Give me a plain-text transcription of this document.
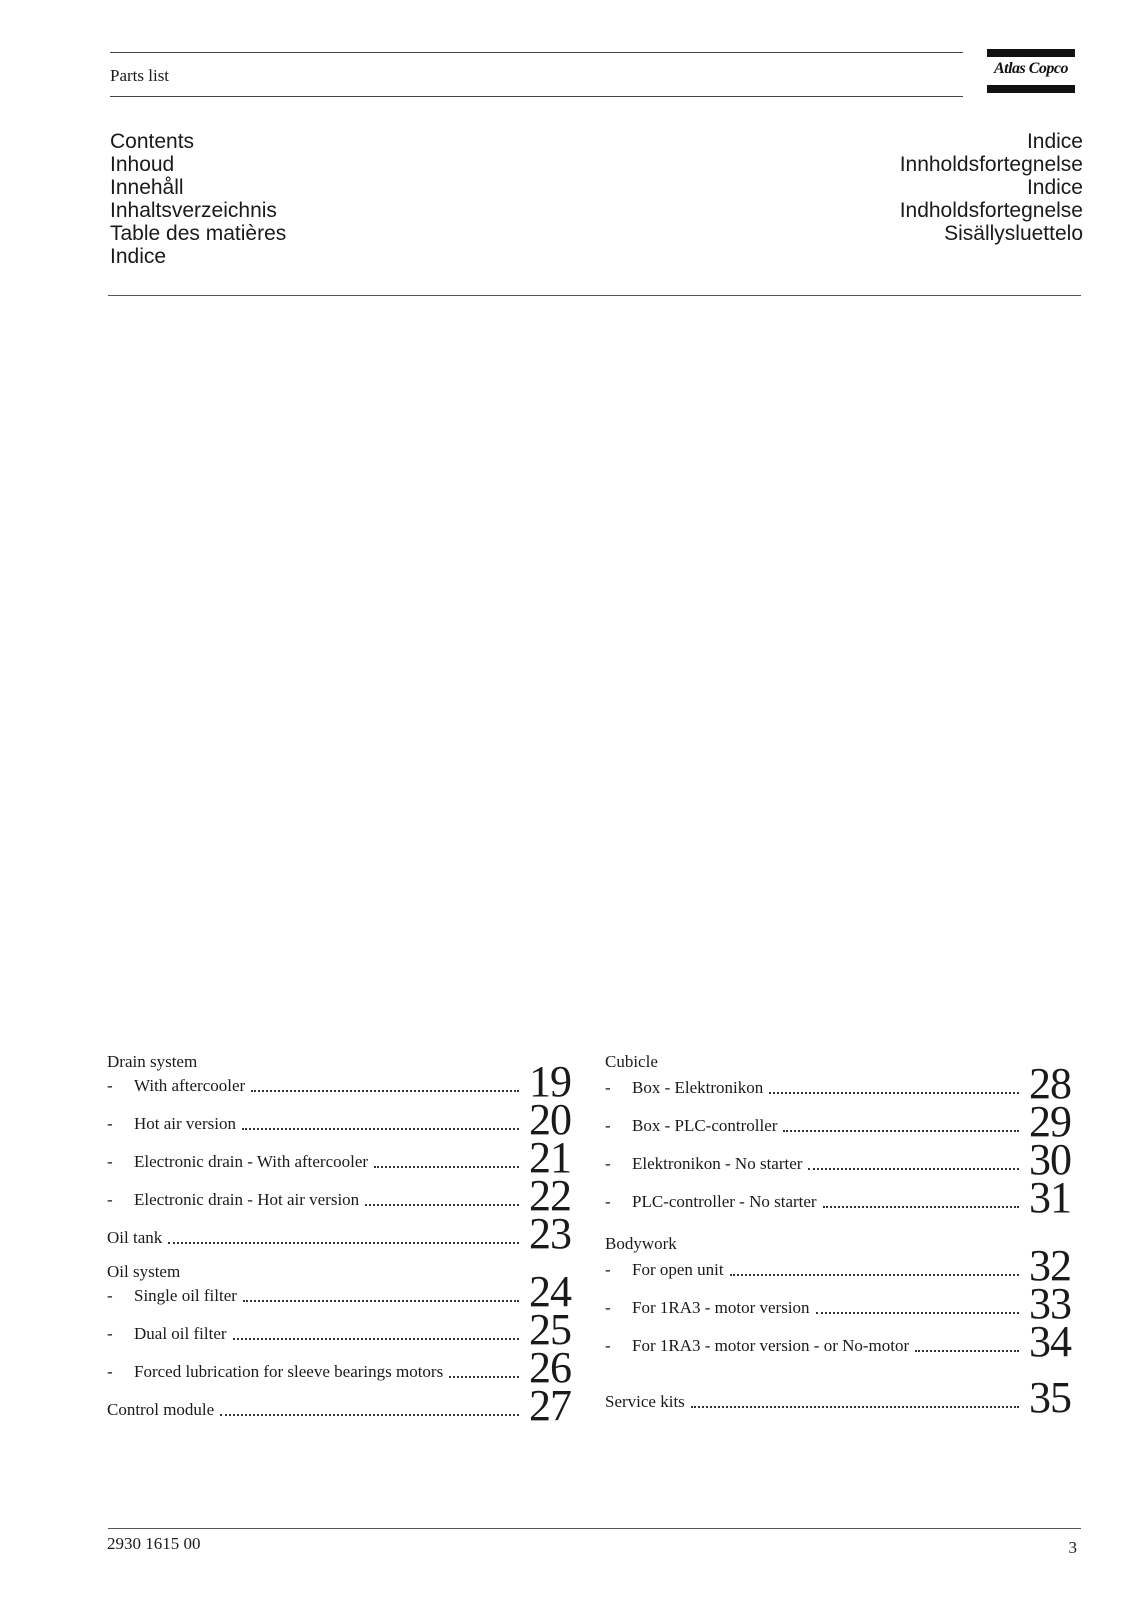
Parts list	Atlas Copco
Contents
Inhoud
Innehåll
Inhaltsverzeichnis
Table des matières
Indice
Indice
Innholdsfortegnelse
Indice
Indholdsfortegnelse
Sisällysluettelo
Drain system
-	With aftercooler	19
-	Hot air version	20
-	Electronic drain - With aftercooler	21
-	Electronic drain - Hot air version	22
Oil tank	23
Oil system
-	Single oil filter	24
-	Dual oil filter	25
-	Forced lubrication for sleeve bearings motors 26
Control module	27
Cubicle
-	Box - Elektronikon	28
-	Box - PLC-controller	29
-	Elektronikon - No starter	30
-	PLC-controller - No starter	31
Bodywork
-	For open unit	32
-	For 1RA3 - motor version	33
-	For 1RA3 - motor version - or No-motor	34
Service kits	35
2930 1615 00	3
